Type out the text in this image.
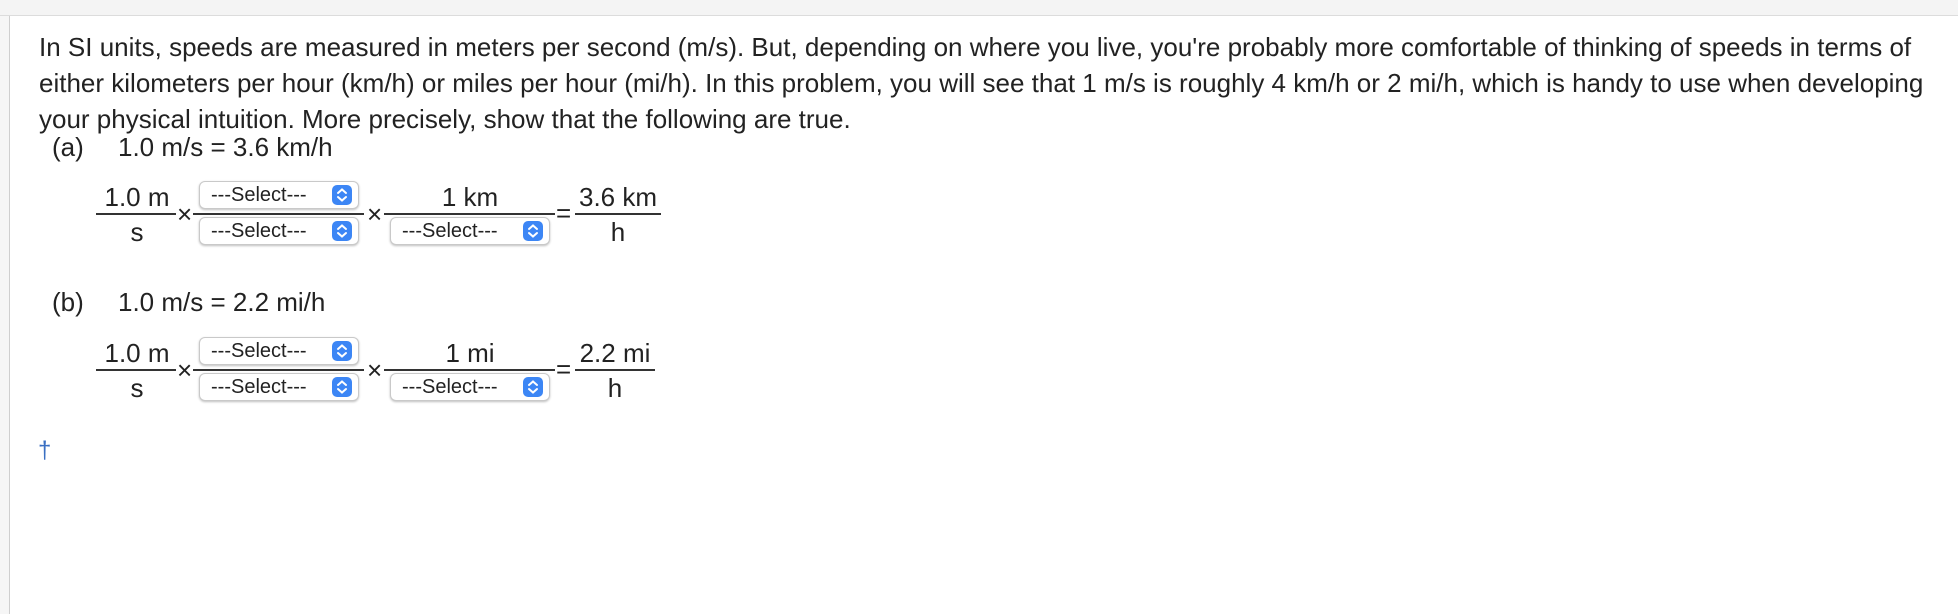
In SI units, speeds are measured in meters per second (m/s). But, depending on where you live, you're probably more comfortable of thinking of speeds in terms of either kilometers per hour (km/h) or miles per hour (mi/h). In this problem, you will see that 1 m/s is roughly 4 km/h or 2 mi/h, which is handy to use when developing your physical intuition. More precisely, show that the following are true.

(a) 1.0 m/s = 3.6 km/h
1.0 m
s
×
---Select---
---Select---
×
1 km
---Select---
=
3.6 km
h
(b) 1.0 m/s = 2.2 mi/h
1.0 m
s
×
---Select---
---Select---
×
1 mi
---Select---
=
2.2 mi
h
†
